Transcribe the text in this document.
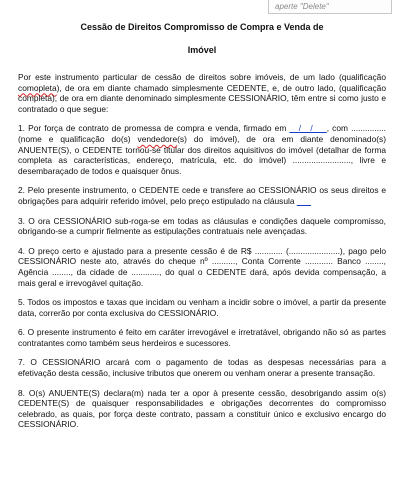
aperte "Delete"
Cessão de Direitos Compromisso de Compra e Venda de
Imóvel

Por este instrumento particular de cessão de direitos sobre imóveis, de um lado (qualificação comopleta), de ora em diante chamado simplesmente CEDENTE, e, de outro lado, (qualificação completa), de ora em diante denominado simplesmente CESSIONÁRIO, têm entre si como justo e contratado o que segue:

1. Por força de contrato de promessa de compra e venda, firmado em __/__/___, com ............... (nome e qualificação do(s) vendedore(s) do imóvel), de ora em diante denominado(s) ANUENTE(S), o CEDENTE tornou-se titular dos direitos aquisitivos do imóvel (detalhar de forma completa as características, endereço, matrícula, etc. do imóvel) ........................., livre e desembaraçado de todos e quaisquer ônus.

2. Pelo presente instrumento, o CEDENTE cede e transfere ao CESSIONÁRIO os seus direitos e obrigações para adquirir referido imóvel, pelo preço estipulado na cláusula ___

3. O ora CESSIONÁRIO sub-roga-se em todas as cláusulas e condições daquele compromisso, obrigando-se a cumprir fielmente as estipulações contratuais nele avençadas.

4. O preço certo e ajustado para a presente cessão é de R$ ............ (......................), pago pelo CESSIONÁRIO neste ato, através do cheque nº .........., Conta Corrente ............ Banco ........, Agência ........, da cidade de ............, do qual o CEDENTE dará, após devida compensação, a mais geral e irrevogável quitação.

5. Todos os impostos e taxas que incidam ou venham a incidir sobre o imóvel, a partir da presente data, correrão por conta exclusiva do CESSIONÁRIO.

6. O presente instrumento é feito em caráter irrevogável e irretratável, obrigando não só as partes contratantes como também seus herdeiros e sucessores.

7. O CESSIONÁRIO arcará com o pagamento de todas as despesas necessárias para a efetivação desta cessão, inclusive tributos que onerem ou venham onerar a presente transação.

8. O(s) ANUENTE(S) declara(m) nada ter a opor à presente cessão, desobrigando assim o(s) CEDENTE(S) de quaisquer responsabilidades e obrigações decorrentes do compromisso celebrado, as quais, por força deste contrato, passam a constituir único e exclusivo encargo do CESSIONÁRIO.
